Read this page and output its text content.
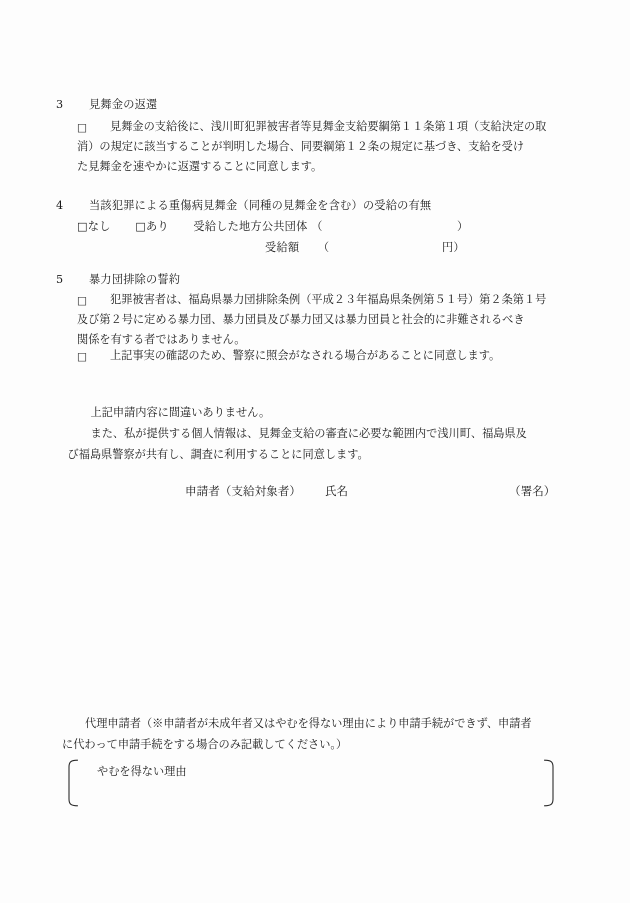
3 見舞金の返還
□	見舞金の支給後に、浅川町犯罪被害者等見舞金支給要綱第１１条第１項（支給決定の取
消）の規定に該当することが判明した場合、同要綱第１２条の規定に基づき、支給を受け
た見舞金を速やかに返還することに同意します。
4 当該犯罪による重傷病見舞金（同種の見舞金を含む）の受給の有無
□なし □あり 受給した地方公共団体 （	）
受給額 （	円）
5 暴力団排除の誓約
□	犯罪被害者は、福島県暴力団排除条例（平成２３年福島県条例第５１号）第２条第１号
及び第２号に定める暴力団、暴力団員及び暴力団又は暴力団員と社会的に非難されるべき
関係を有する者ではありません。
□	上記事実の確認のため、警察に照会がなされる場合があることに同意します。
上記申請内容に間違いありません。
また、私が提供する個人情報は、見舞金支給の審査に必要な範囲内で浅川町、福島県及
び福島県警察が共有し、調査に利用することに同意します。
申請者（支給対象者） 氏名	（署名）
代理申請者（※申請者が未成年者又はやむを得ない理由により申請手続ができず、申請者
に代わって申請手続をする場合のみ記載してください。）
やむを得ない理由
